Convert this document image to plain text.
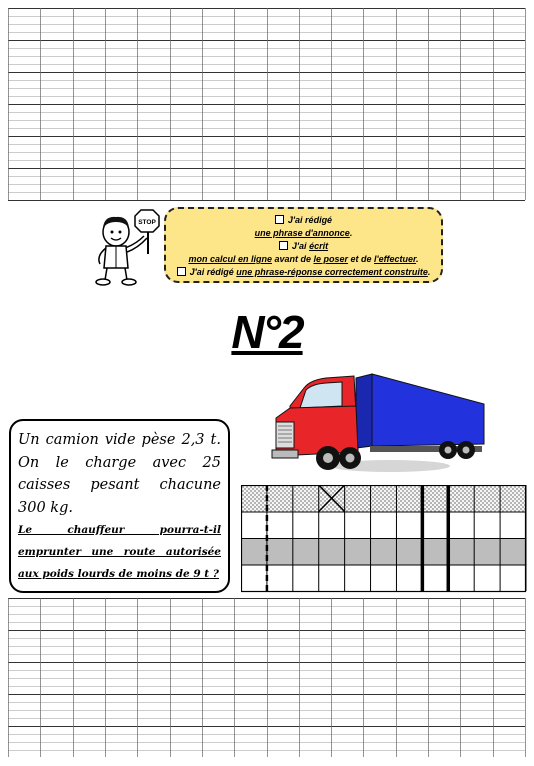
STOP	J'ai rédigé
une phrase d'annonce.
J'ai écrit
mon calcul en ligne avant de le poser et de l'effectuer.
J'ai rédigé une phrase-réponse correctement construite.
N°2
Un camion vide pèse 2,3 t. On le charge avec 25 caisses pesant chacune 300 kg.
Le chauffeur pourra-t-il emprunter une route autorisée aux poids lourds de moins de 9 t ?
